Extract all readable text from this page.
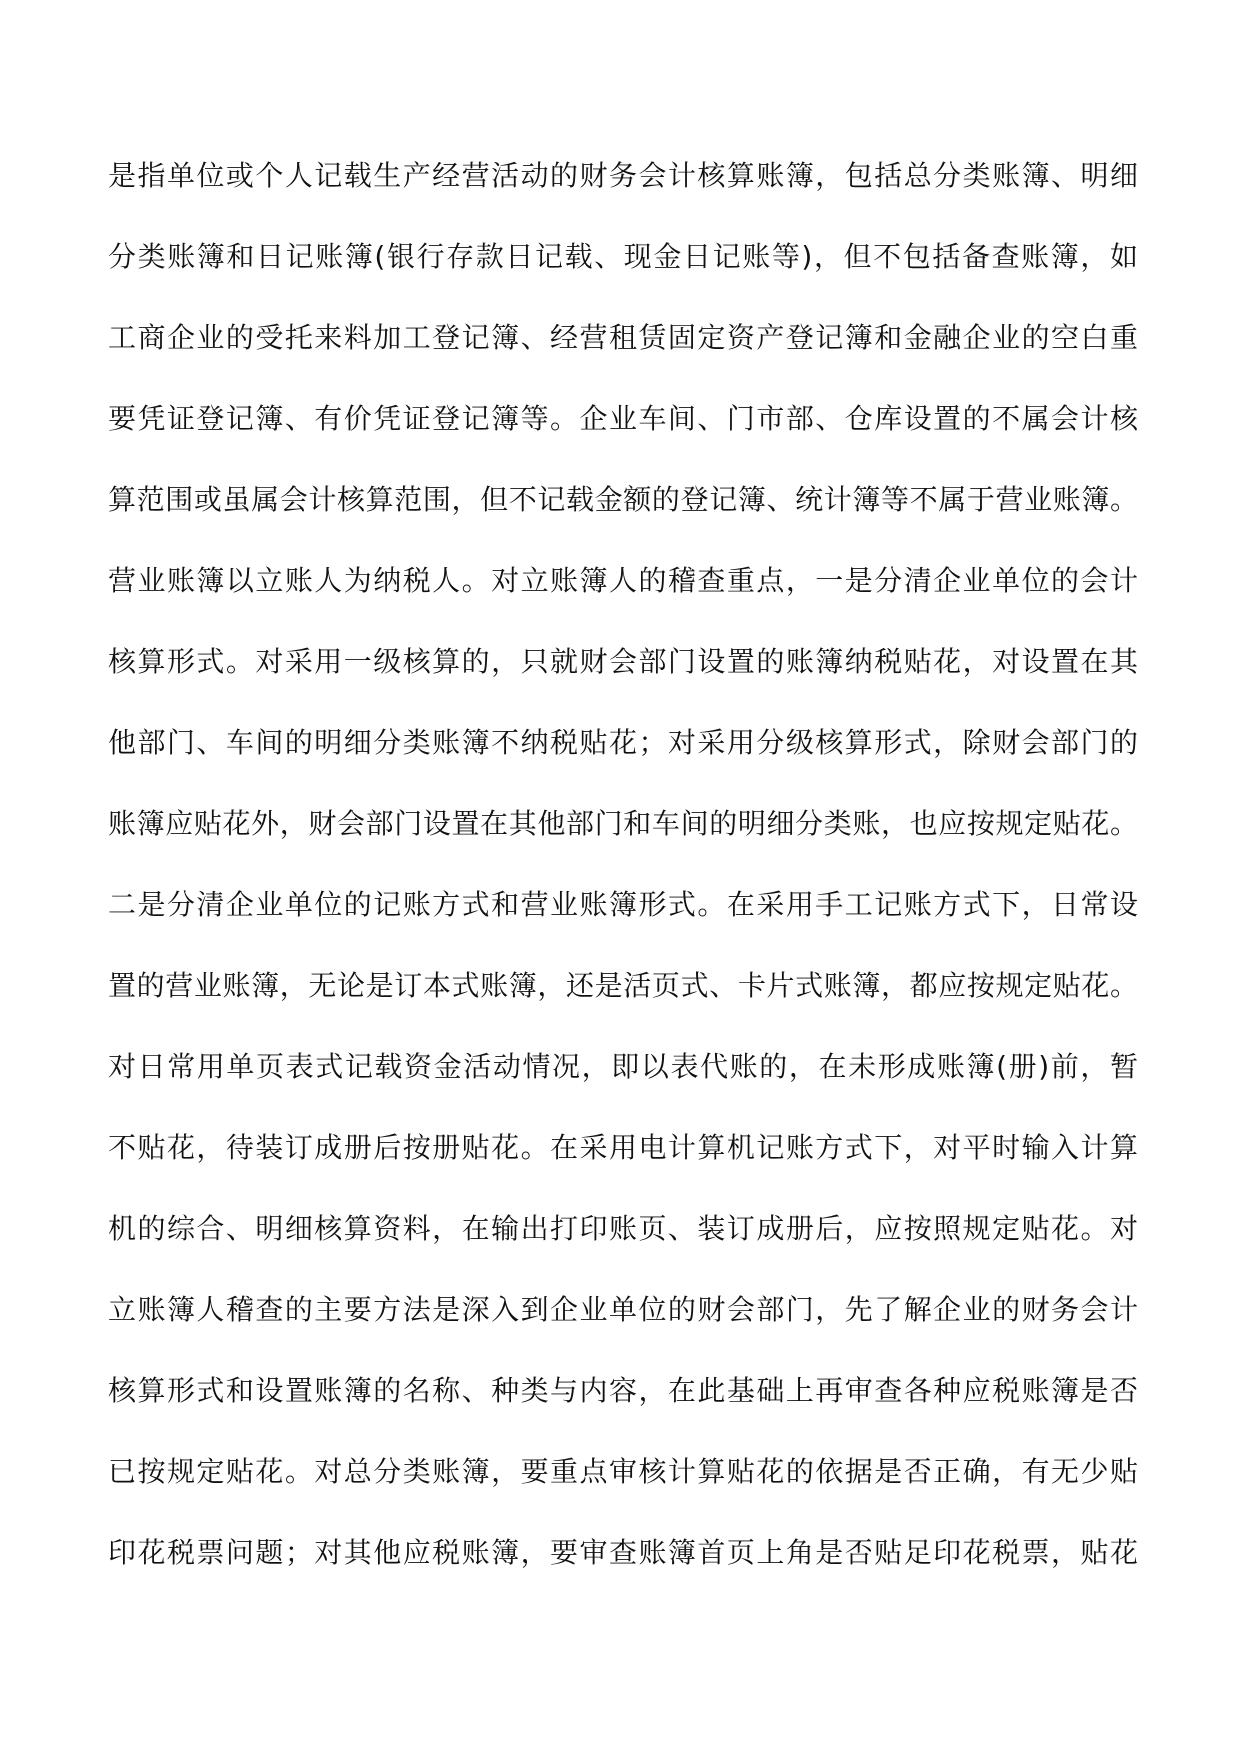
是指单位或个人记载生产经营活动的财务会计核算账簿，包括总分类账簿、明细
分类账簿和日记账簿(银行存款日记载、现金日记账等)，但不包括备查账簿，如
工商企业的受托来料加工登记簿、经营租赁固定资产登记簿和金融企业的空白重
要凭证登记簿、有价凭证登记簿等。企业车间、门市部、仓库设置的不属会计核
算范围或虽属会计核算范围，但不记载金额的登记簿、统计簿等不属于营业账簿。
营业账簿以立账人为纳税人。对立账簿人的稽查重点，一是分清企业单位的会计
核算形式。对采用一级核算的，只就财会部门设置的账簿纳税贴花，对设置在其
他部门、车间的明细分类账簿不纳税贴花；对采用分级核算形式，除财会部门的
账簿应贴花外，财会部门设置在其他部门和车间的明细分类账，也应按规定贴花。
二是分清企业单位的记账方式和营业账簿形式。在采用手工记账方式下，日常设
置的营业账簿，无论是订本式账簿，还是活页式、卡片式账簿，都应按规定贴花。
对日常用单页表式记载资金活动情况，即以表代账的，在未形成账簿(册)前，暂
不贴花，待装订成册后按册贴花。在采用电计算机记账方式下，对平时输入计算
机的综合、明细核算资料，在输出打印账页、装订成册后，应按照规定贴花。对
立账簿人稽查的主要方法是深入到企业单位的财会部门，先了解企业的财务会计
核算形式和设置账簿的名称、种类与内容，在此基础上再审查各种应税账簿是否
已按规定贴花。对总分类账簿，要重点审核计算贴花的依据是否正确，有无少贴
印花税票问题；对其他应税账簿，要审查账簿首页上角是否贴足印花税票，贴花
